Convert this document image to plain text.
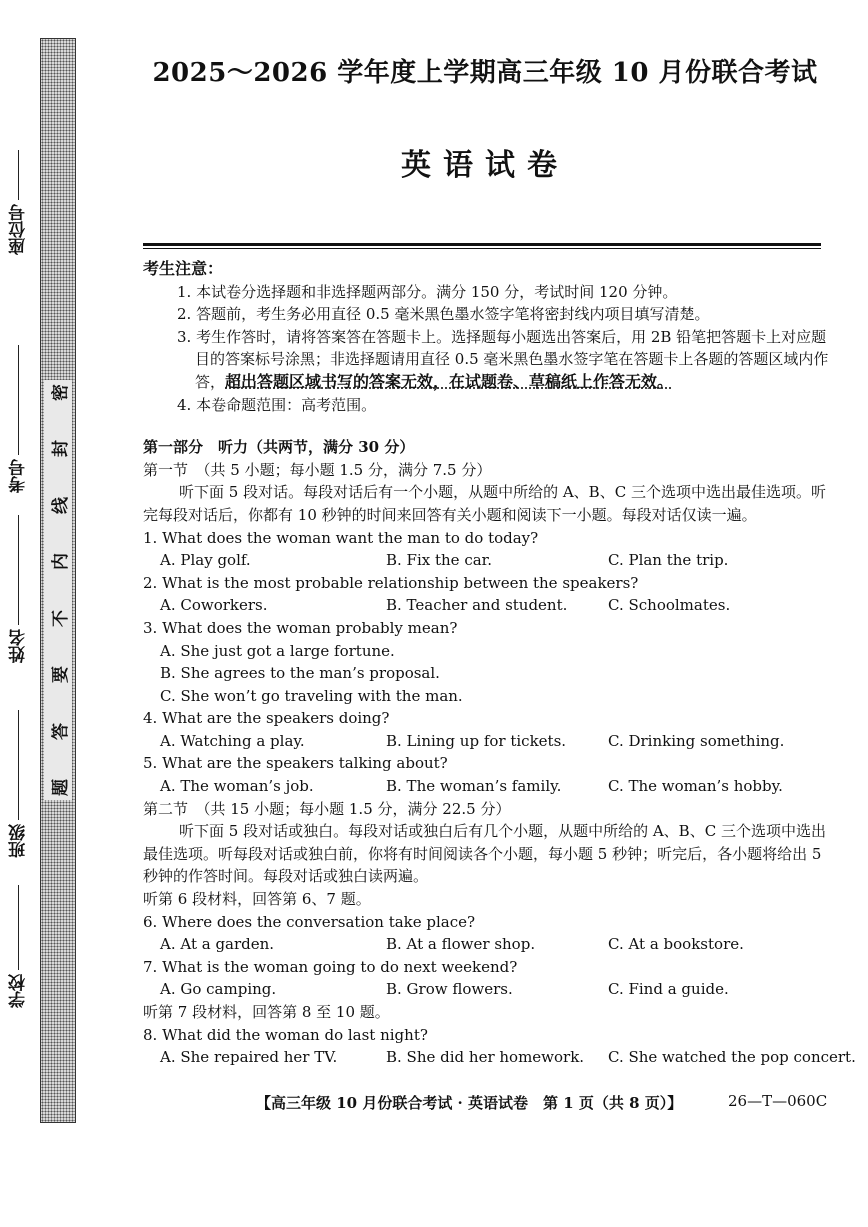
密
封
线
内
不
要
答
题
座位号
考号
姓名
班级
学校
2025～2026 学年度上学期高三年级 10 月份联合考试
英语试卷
考生注意：
1. 本试卷分选择题和非选择题两部分。满分 150 分，考试时间 120 分钟。
2. 答题前，考生务必用直径 0.5 毫米黑色墨水签字笔将密封线内项目填写清楚。
3. 考生作答时，请将答案答在答题卡上。选择题每小题选出答案后，用 2B 铅笔把答题卡上对应题目的答案标号涂黑；非选择题请用直径 0.5 毫米黑色墨水签字笔在答题卡上各题的答题区域内作答，超出答题区域书写的答案无效，在试题卷、草稿纸上作答无效。
4. 本卷命题范围：高考范围。
第一部分　听力（共两节，满分 30 分）
第一节　（共 5 小题；每小题 1.5 分，满分 7.5 分）
听下面 5 段对话。每段对话后有一个小题，从题中所给的 A、B、C 三个选项中选出最佳选项。听完每段对话后，你都有 10 秒钟的时间来回答有关小题和阅读下一小题。每段对话仅读一遍。
1. What does the woman want the man to do today?
A. Play golf.	B. Fix the car.	C. Plan the trip.
2. What is the most probable relationship between the speakers?
A. Coworkers.	B. Teacher and student.	C. Schoolmates.
3. What does the woman probably mean?
A. She just got a large fortune.
B. She agrees to the man’s proposal.
C. She won’t go traveling with the man.
4. What are the speakers doing?
A. Watching a play.	B. Lining up for tickets.	C. Drinking something.
5. What are the speakers talking about?
A. The woman’s job.	B. The woman’s family.	C. The woman’s hobby.
第二节　（共 15 小题；每小题 1.5 分，满分 22.5 分）
听下面 5 段对话或独白。每段对话或独白后有几个小题，从题中所给的 A、B、C 三个选项中选出最佳选项。听每段对话或独白前，你将有时间阅读各个小题，每小题 5 秒钟；听完后，各小题将给出 5 秒钟的作答时间。每段对话或独白读两遍。
听第 6 段材料，回答第 6、7 题。
6. Where does the conversation take place?
A. At a garden.	B. At a flower shop.	C. At a bookstore.
7. What is the woman going to do next weekend?
A. Go camping.	B. Grow flowers.	C. Find a guide.
听第 7 段材料，回答第 8 至 10 题。
8. What did the woman do last night?
A. She repaired her TV.	B. She did her homework.	C. She watched the pop concert.
【高三年级 10 月份联合考试 · 英语试卷　第 1 页（共 8 页）】	26—T—060C
